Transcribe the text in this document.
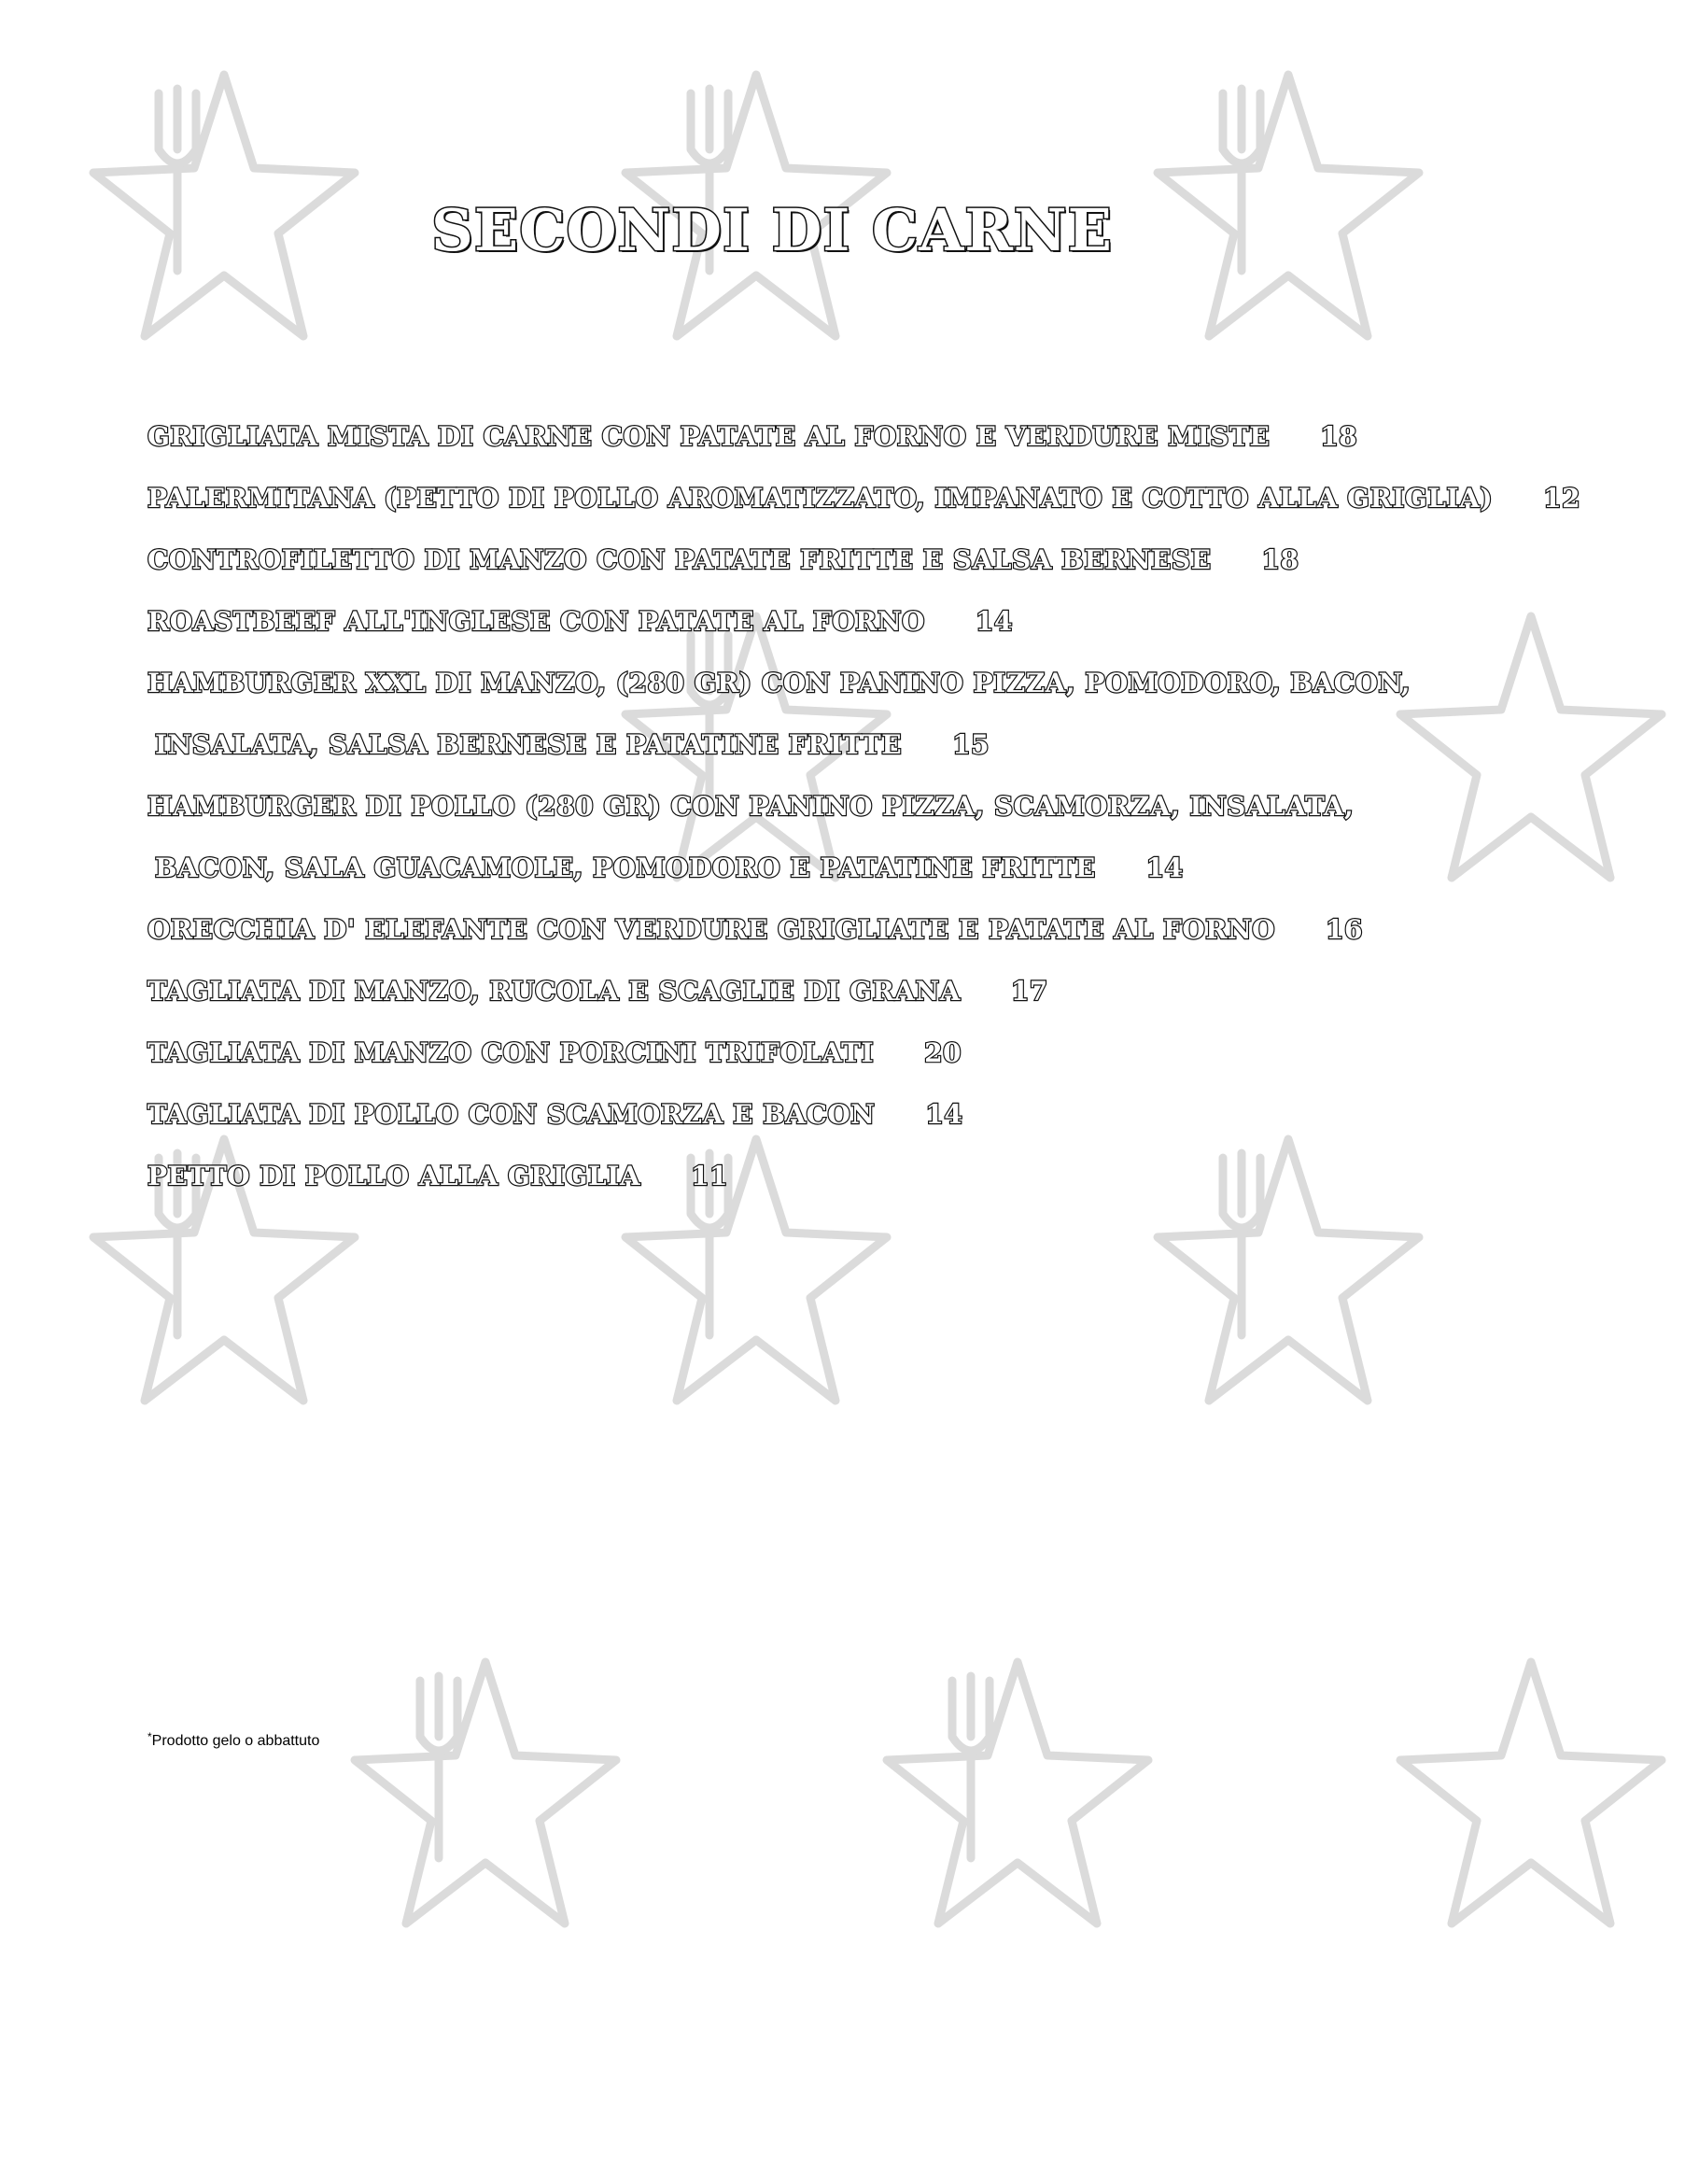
SECONDI DI CARNE
GRIGLIATA MISTA DI CARNE CON PATATE AL FORNO E VERDURE MISTE 18
PALERMITANA (PETTO DI POLLO AROMATIZZATO, IMPANATO E COTTO ALLA GRIGLIA) 12
CONTROFILETTO DI MANZO CON PATATE FRITTE E SALSA BERNESE 18
ROASTBEEF ALL'INGLESE CON PATATE AL FORNO 14
HAMBURGER XXL DI MANZO, (280 GR) CON PANINO PIZZA, POMODORO, BACON,
INSALATA, SALSA BERNESE E PATATINE FRITTE 15
HAMBURGER DI POLLO (280 GR) CON PANINO PIZZA, SCAMORZA, INSALATA,
BACON, SALA GUACAMOLE, POMODORO E PATATINE FRITTE 14
ORECCHIA D' ELEFANTE CON VERDURE GRIGLIATE E PATATE AL FORNO 16
TAGLIATA DI MANZO, RUCOLA E SCAGLIE DI GRANA 17
TAGLIATA DI MANZO CON PORCINI TRIFOLATI 20
TAGLIATA DI POLLO CON SCAMORZA E BACON 14
PETTO DI POLLO ALLA GRIGLIA 11
*Prodotto gelo o abbattuto
